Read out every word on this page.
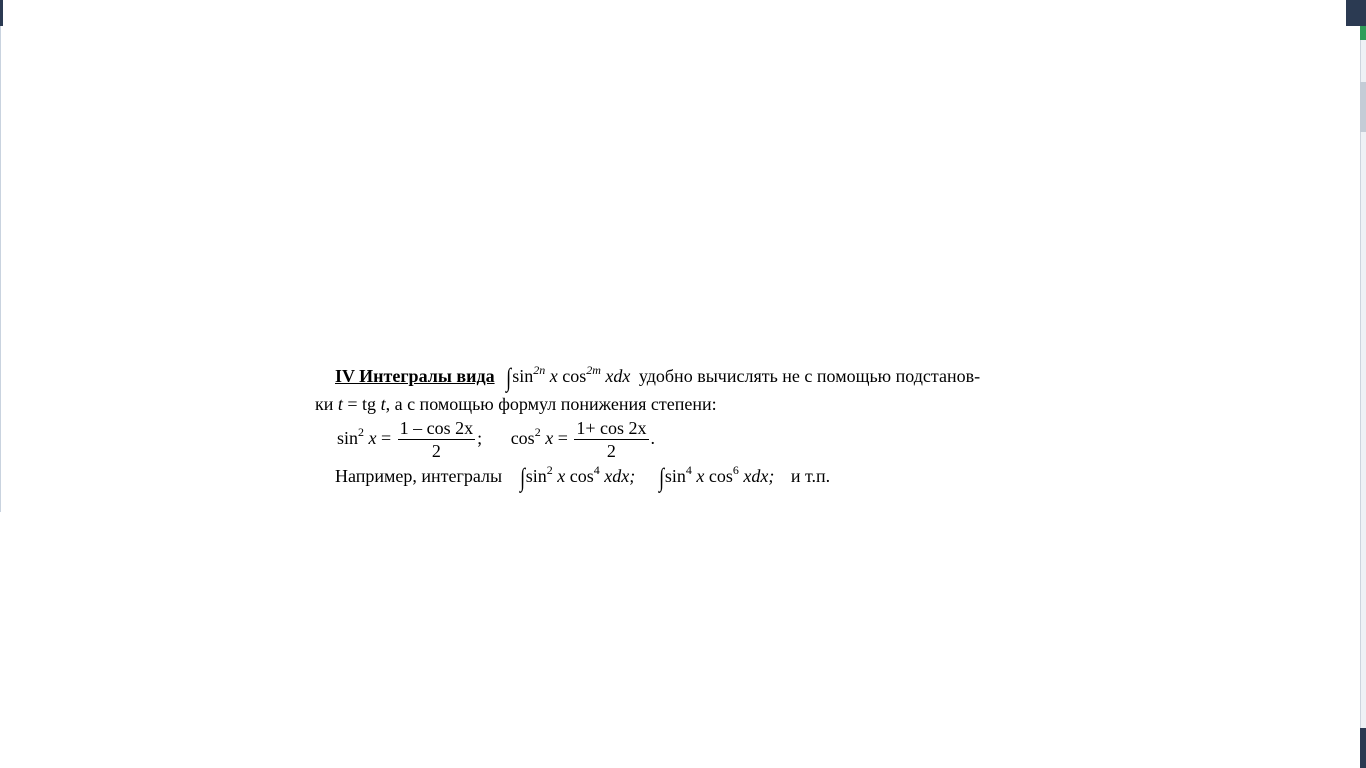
IV Интегралы вида $\int\sin^{2n}$ x $\cos^{2m}$ xdx удобно вычислять не с помощью подстанов-
ки t = tg t, а с помощью формул понижения степени:
$\sin^2 x = \frac{1 - \cos 2x}{2}$ ; $\cos^2 x = \frac{1+ \cos 2x}{2}$ .
Например, интегралы $\int\sin^2$ x $\cos^4$ xdx; $\int\sin^4$ x $\cos^6$ xdx; и т.п.
